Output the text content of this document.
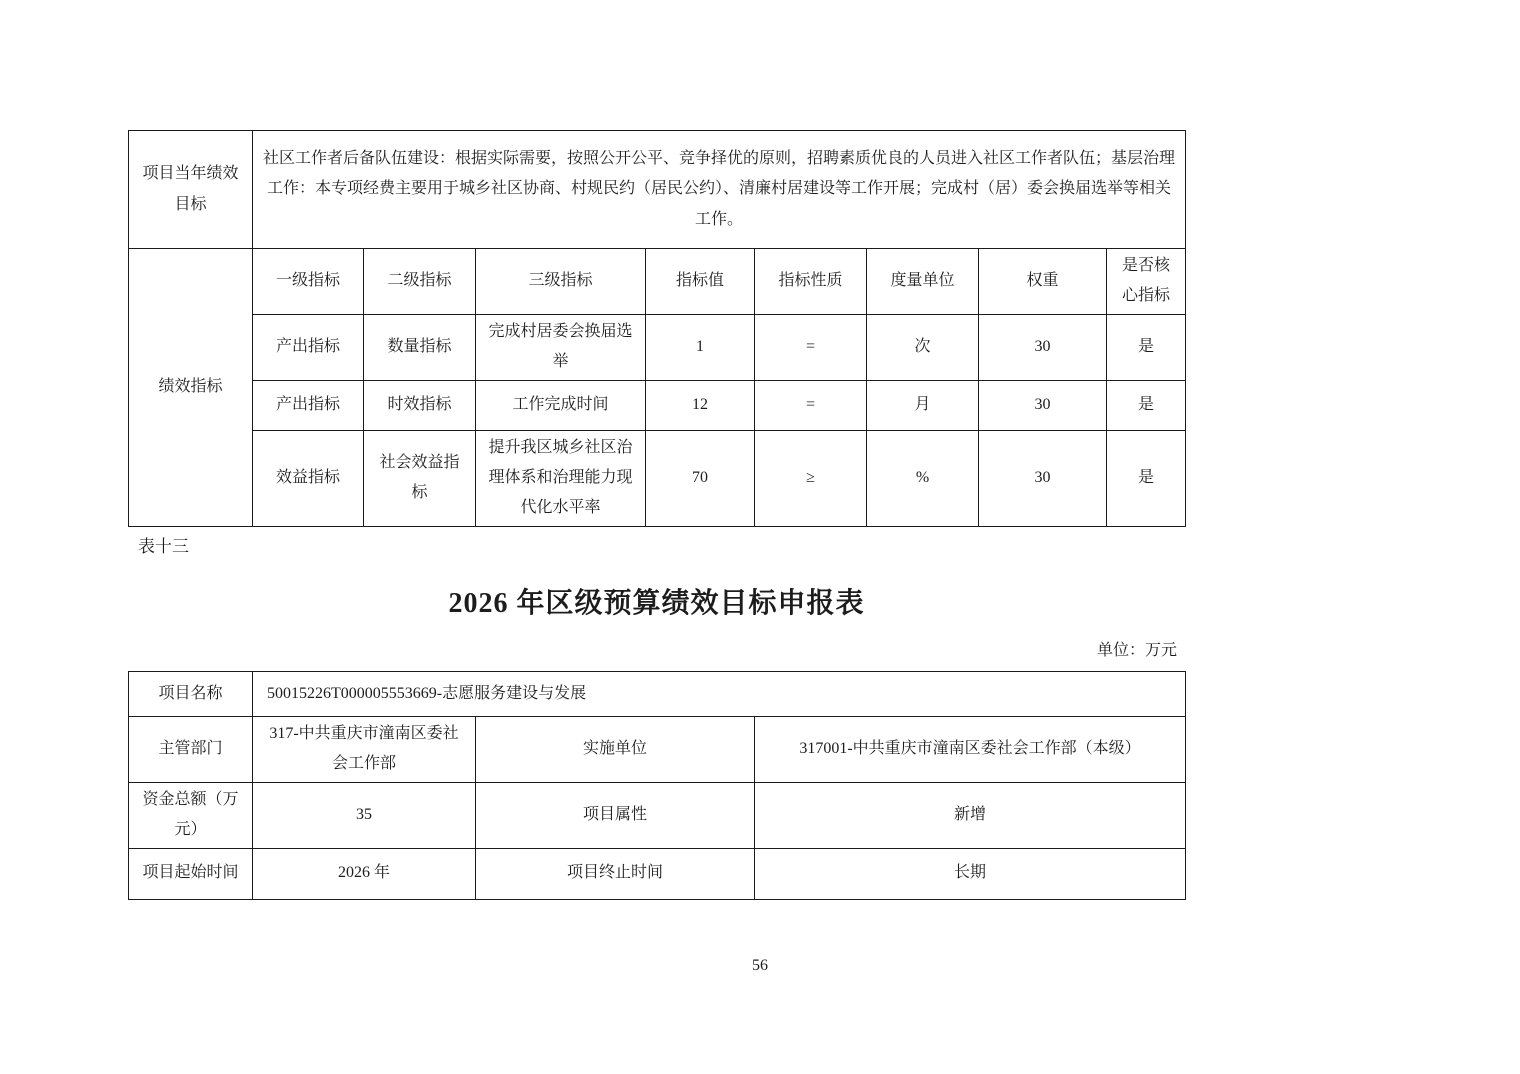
项目当年绩效目标	社区工作者后备队伍建设：根据实际需要，按照公开公平、竞争择优的原则，招聘素质优良的人员进入社区工作者队伍；基层治理工作：本专项经费主要用于城乡社区协商、村规民约（居民公约）、清廉村居建设等工作开展；完成村（居）委会换届选举等相关工作。							
绩效指标	一级指标	二级指标	三级指标	指标值	指标性质	度量单位	权重	是否核心指标
	产出指标	数量指标	完成村居委会换届选举	1	=	次	30	是
	产出指标	时效指标	工作完成时间	12	=	月	30	是
	效益指标	社会效益指标	提升我区城乡社区治理体系和治理能力现代化水平率	70	≥	%	30	是
表十三
2026 年区级预算绩效目标申报表
单位：万元
项目名称	50015226T000005553669-志愿服务建设与发展		
主管部门	317-中共重庆市潼南区委社会工作部	实施单位	317001-中共重庆市潼南区委社会工作部（本级）
资金总额（万元）	35	项目属性	新增
项目起始时间	2026 年	项目终止时间	长期
56
